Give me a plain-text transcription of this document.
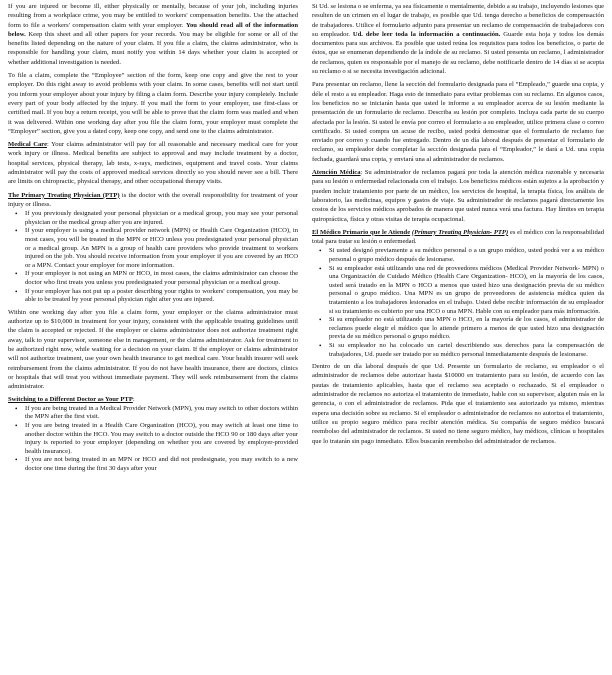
If you are injured or become ill, either physically or mentally, because of your job, including injuries resulting from a workplace crime, you may be entitled to workers' compensation benefits. Use the attached form to file a workers' compensation claim with your employer. You should read all of the information below. Keep this sheet and all other papers for your records. You may be eligible for some or all of the benefits listed depending on the nature of your claim. If you file a claim, the claims administrator, who is responsible for handling your claim, must notify you within 14 days whether your claim is accepted or whether additional investigation is needed.

To file a claim, complete the “Employee” section of the form, keep one copy and give the rest to your employer. Do this right away to avoid problems with your claim. In some cases, benefits will not start until you inform your employer about your injury by filing a claim form. Describe your injury completely. Include every part of your body affected by the injury. If you mail the form to your employer, use first-class or certified mail. If you buy a return receipt, you will be able to prove that the claim form was mailed and when it was delivered. Within one working day after you file the claim form, your employer must complete the “Employer” section, give you a dated copy, keep one copy, and send one to the claims administrator.

Medical Care: Your claims administrator will pay for all reasonable and necessary medical care for your work injury or illness. Medical benefits are subject to approval and may include treatment by a doctor, hospital services, physical therapy, lab tests, x-rays, medicines, equipment and travel costs. Your claims administrator will pay the costs of approved medical services directly so you should never see a bill. There are limits on chiropractic, physical therapy, and other occupational therapy visits.

The Primary Treating Physician (PTP) is the doctor with the overall responsibility for treatment of your injury or illness.

• If you previously designated your personal physician or a medical group, you may see your personal physician or the medical group after you are injured.
• If your employer is using a medical provider network (MPN) or Health Care Organization (HCO), in most cases, you will be treated in the MPN or HCO unless you predesignated your personal physician or a medical group. An MPN is a group of health care providers who provide treatment to workers injured on the job. You should receive information from your employer if you are covered by an HCO or a MPN. Contact your employer for more information.
• If your employer is not using an MPN or HCO, in most cases, the claims administrator can choose the doctor who first treats you unless you predesignated your personal physician or a medical group.
• If your employer has not put up a poster describing your rights to workers' compensation, you may be able to be treated by your personal physician right after you are injured.

Within one working day after you file a claim form, your employer or the claims administrator must authorize up to $10,000 in treatment for your injury, consistent with the applicable treating guidelines until the claim is accepted or rejected. If the employer or claims administrator does not authorize treatment right away, talk to your supervisor, someone else in management, or the claims administrator. Ask for treatment to be authorized right now, while waiting for a decision on your claim. If the employer or claims administrator will not authorize treatment, use your own health insurance to get medical care. Your health insurer will seek reimbursement from the claims administrator. If you do not have health insurance, there are doctors, clinics or hospitals that will treat you without immediate payment. They will seek reimbursement from the claims administrator.

Switching to a Different Doctor as Your PTP:

• If you are being treated in a Medical Provider Network (MPN), you may switch to other doctors within the MPN after the first visit.
• If you are being treated in a Health Care Organization (HCO), you may switch at least one time to another doctor within the HCO. You may switch to a doctor outside the HCO 90 or 180 days after your injury is reported to your employer (depending on whether you are covered by employer-provided health insurance).
• If you are not being treated in an MPN or HCO and did not predesignate, you may switch to a new doctor one time during the first 30 days after your

Si Ud. se lesiona o se enferma, ya sea físicamente o mentalmente, debido a su trabajo, incluyendo lesiones que resulten de un crimen en el lugar de trabajo, es posible que Ud. tenga derecho a beneficios de compensación de trabajadores. Utilice el formulario adjunto para presentar un reclamo de compensación de trabajadores con su empleador. Ud. debe leer toda la información a continuación. Guarde esta hoja y todos los demás documentos para sus archivos. Es posible que usted reúna los requisitos para todos los beneficios, o parte de éstos, que se enumeran dependiendo de la índole de su reclamo. Si usted presenta un reclamo, l administrador de reclamos, quien es responsable por el manejo de su reclamo, debe notificarle dentro de 14 días si se acepta su reclamo o si se necesita investigación adicional.

Para presentar un reclamo, llene la sección del formulario designada para el “Empleado,” guarde una copia, y déle el resto a su empleador. Haga esto de inmediato para evitar problemas con su reclamo. En algunos casos, los beneficios no se iniciarán hasta que usted le informe a su empleador acerca de su lesión mediante la presentación de un formulario de reclamo. Describa su lesión por completo. Incluya cada parte de su cuerpo afectada por la lesión. Si usted le envía por correo el formulario a su empleador, utilice primera clase o correo certificado. Si usted compra un acuse de recibo, usted podrá demostrar que el formulario de reclamo fue enviado por correo y cuando fue entregado. Dentro de un día laboral después de presentar el formulario de reclamo, su empleador debe completar la sección designada para el “Empleador,” le dará a Ud. una copia fechada, guardará una copia, y enviará una al administrador de reclamos.

Atención Médica: Su administrador de reclamos pagará por toda la atención médica razonable y necesaria para su lesión o enfermedad relacionada con el trabajo. Los beneficios médicos están sujetos a la aprobación y pueden incluir tratamiento por parte de un médico, los servicios de hospital, la terapia física, los análisis de laboratorio, las medicinas, equipos y gastos de viaje. Su administrador de reclamos pagará directamente los costos de los servicios médicos aprobados de manera que usted nunca verá una factura. Hay límites en terapia quiropráctica, física y otras visitas de terapia ocupacional.

El Médico Primario que le Atiende (Primary Treating Physician- PTP) es el médico con la responsabilidad total para tratar su lesión o enfermedad.

• Si usted designó previamente a su médico personal o a un grupo médico, usted podrá ver a su médico personal o grupo médico después de lesionarse.
• Si su empleador está utilizando una red de proveedores médicos (Medical Provider Network- MPN) o una Organización de Cuidado Médico (Health Care Organization- HCO), en la mayoría de los casos, usted será tratado en la MPN o HCO a menos que usted hizo una designación previa de su médico personal o grupo médico. Una MPN es un grupo de proveedores de asistencia médica quien da tratamiento a los trabajadores lesionados en el trabajo. Usted debe recibir información de su empleador si su tratamiento es cubierto por una HCO o una MPN. Hable con su empleador para más información.
• Si su empleador no está utilizando una MPN o HCO, en la mayoría de los casos, el administrador de reclamos puede elegir el médico que lo atiende primero a menos de que usted hizo una designación previa de su médico personal o grupo médico.
• Si su empleador no ha colocado un cartel describiendo sus derechos para la compensación de trabajadores, Ud. puede ser tratado por su médico personal inmediatamente después de lesionarse.

Dentro de un día laboral después de que Ud. Presente un formulario de reclamo, su empleador o el administrador de reclamos debe autorizar hasta $10000 en tratamiento para su lesión, de acuerdo con las pautas de tratamiento aplicables, hasta que el reclamo sea aceptado o rechazado. Si el empleador o administrador de reclamos no autoriza el tratamiento de inmediato, hable con su supervisor, alguien más en la gerencia, o con el administrador de reclamos. Pida que el tratamiento sea autorizado ya mismo, mientras espera una decisión sobre su reclamo. Si el empleador o administrador de reclamos no autoriza el tratamiento, utilice su propio seguro médico para recibir atención médica. Su compañía de seguro médico buscará reembolso del administrador de reclamos. Si usted no tiene seguro médico, hay médicos, clínicas u hospitales que lo tratarán sin pago inmediato. Ellos buscarán reembolso del administrador de reclamos.
